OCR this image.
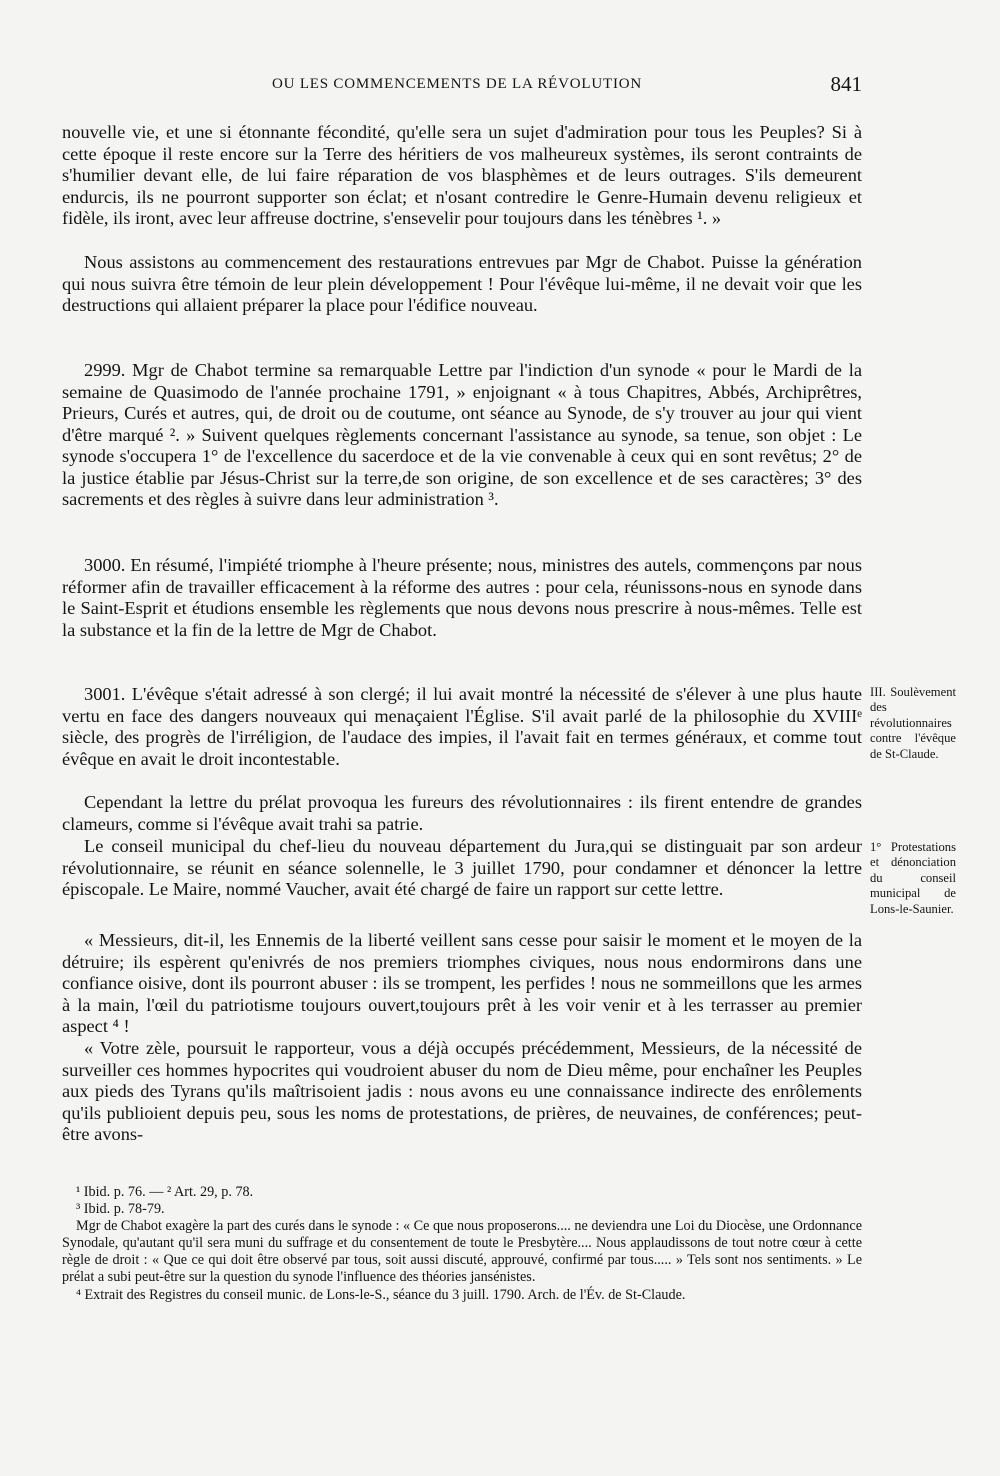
OU LES COMMENCEMENTS DE LA RÉVOLUTION	841

nouvelle vie, et une si étonnante fécondité, qu'elle sera un sujet d'admiration pour tous les Peuples? Si à cette époque il reste encore sur la Terre des héritiers de vos malheureux systèmes, ils seront contraints de s'humilier devant elle, de lui faire réparation de vos blasphèmes et de leurs outrages. S'ils demeurent endurcis, ils ne pourront supporter son éclat; et n'osant contredire le Genre-Humain devenu religieux et fidèle, ils iront, avec leur affreuse doctrine, s'ensevelir pour toujours dans les ténèbres ¹. »

Nous assistons au commencement des restaurations entrevues par Mgr de Chabot. Puisse la génération qui nous suivra être témoin de leur plein développement ! Pour l'évêque lui-même, il ne devait voir que les destructions qui allaient préparer la place pour l'édifice nouveau.

2999. Mgr de Chabot termine sa remarquable Lettre par l'indiction d'un synode « pour le Mardi de la semaine de Quasimodo de l'année prochaine 1791, » enjoignant « à tous Chapitres, Abbés, Archiprêtres, Prieurs, Curés et autres, qui, de droit ou de coutume, ont séance au Synode, de s'y trouver au jour qui vient d'être marqué ². » Suivent quelques règlements concernant l'assistance au synode, sa tenue, son objet : Le synode s'occupera 1° de l'excellence du sacerdoce et de la vie convenable à ceux qui en sont revêtus; 2° de la justice établie par Jésus-Christ sur la terre,de son origine, de son excellence et de ses caractères; 3° des sacrements et des règles à suivre dans leur administration ³.

3000. En résumé, l'impiété triomphe à l'heure présente; nous, ministres des autels, commençons par nous réformer afin de travailler efficacement à la réforme des autres : pour cela, réunissons-nous en synode dans le Saint-Esprit et étudions ensemble les règlements que nous devons nous prescrire à nous-mêmes. Telle est la substance et la fin de la lettre de Mgr de Chabot.

3001. L'évêque s'était adressé à son clergé; il lui avait montré la nécessité de s'élever à une plus haute vertu en face des dangers nouveaux qui menaçaient l'Église. S'il avait parlé de la philosophie du XVIIIᵉ siècle, des progrès de l'irréligion, de l'audace des impies, il l'avait fait en termes généraux, et comme tout évêque en avait le droit incontestable.

Cependant la lettre du prélat provoqua les fureurs des révolutionnaires : ils firent entendre de grandes clameurs, comme si l'évêque avait trahi sa patrie.

Le conseil municipal du chef-lieu du nouveau département du Jura,qui se distinguait par son ardeur révolutionnaire, se réunit en séance solennelle, le 3 juillet 1790, pour condamner et dénoncer la lettre épiscopale. Le Maire, nommé Vaucher, avait été chargé de faire un rapport sur cette lettre.

« Messieurs, dit-il, les Ennemis de la liberté veillent sans cesse pour saisir le moment et le moyen de la détruire; ils espèrent qu'enivrés de nos premiers triomphes civiques, nous nous endormirons dans une confiance oisive, dont ils pourront abuser : ils se trompent, les perfides ! nous ne sommeillons que les armes à la main, l'œil du patriotisme toujours ouvert,toujours prêt à les voir venir et à les terrasser au premier aspect ⁴ !

« Votre zèle, poursuit le rapporteur, vous a déjà occupés précédemment, Messieurs, de la nécessité de surveiller ces hommes hypocrites qui voudroient abuser du nom de Dieu même, pour enchaîner les Peuples aux pieds des Tyrans qu'ils maîtrisoient jadis : nous avons eu une connaissance indirecte des enrôlements qu'ils publioient depuis peu, sous les noms de protestations, de prières, de neuvaines, de conférences; peut-être avons-

III. Soulèvement des révolutionnaires contre l'évêque de St-Claude.
1° Protestations et dénonciation du conseil municipal de Lons-le-Saunier.

¹ Ibid. p. 76. — ² Art. 29, p. 78.

³ Ibid. p. 78-79.

Mgr de Chabot exagère la part des curés dans le synode : « Ce que nous proposerons.... ne deviendra une Loi du Diocèse, une Ordonnance Synodale, qu'autant qu'il sera muni du suffrage et du consentement de toute le Presbytère.... Nous applaudissons de tout notre cœur à cette règle de droit : « Que ce qui doit être observé par tous, soit aussi discuté, approuvé, confirmé par tous..... » Tels sont nos sentiments. » Le prélat a subi peut-être sur la question du synode l'influence des théories jansénistes.

⁴ Extrait des Registres du conseil munic. de Lons-le-S., séance du 3 juill. 1790. Arch. de l'Év. de St-Claude.
